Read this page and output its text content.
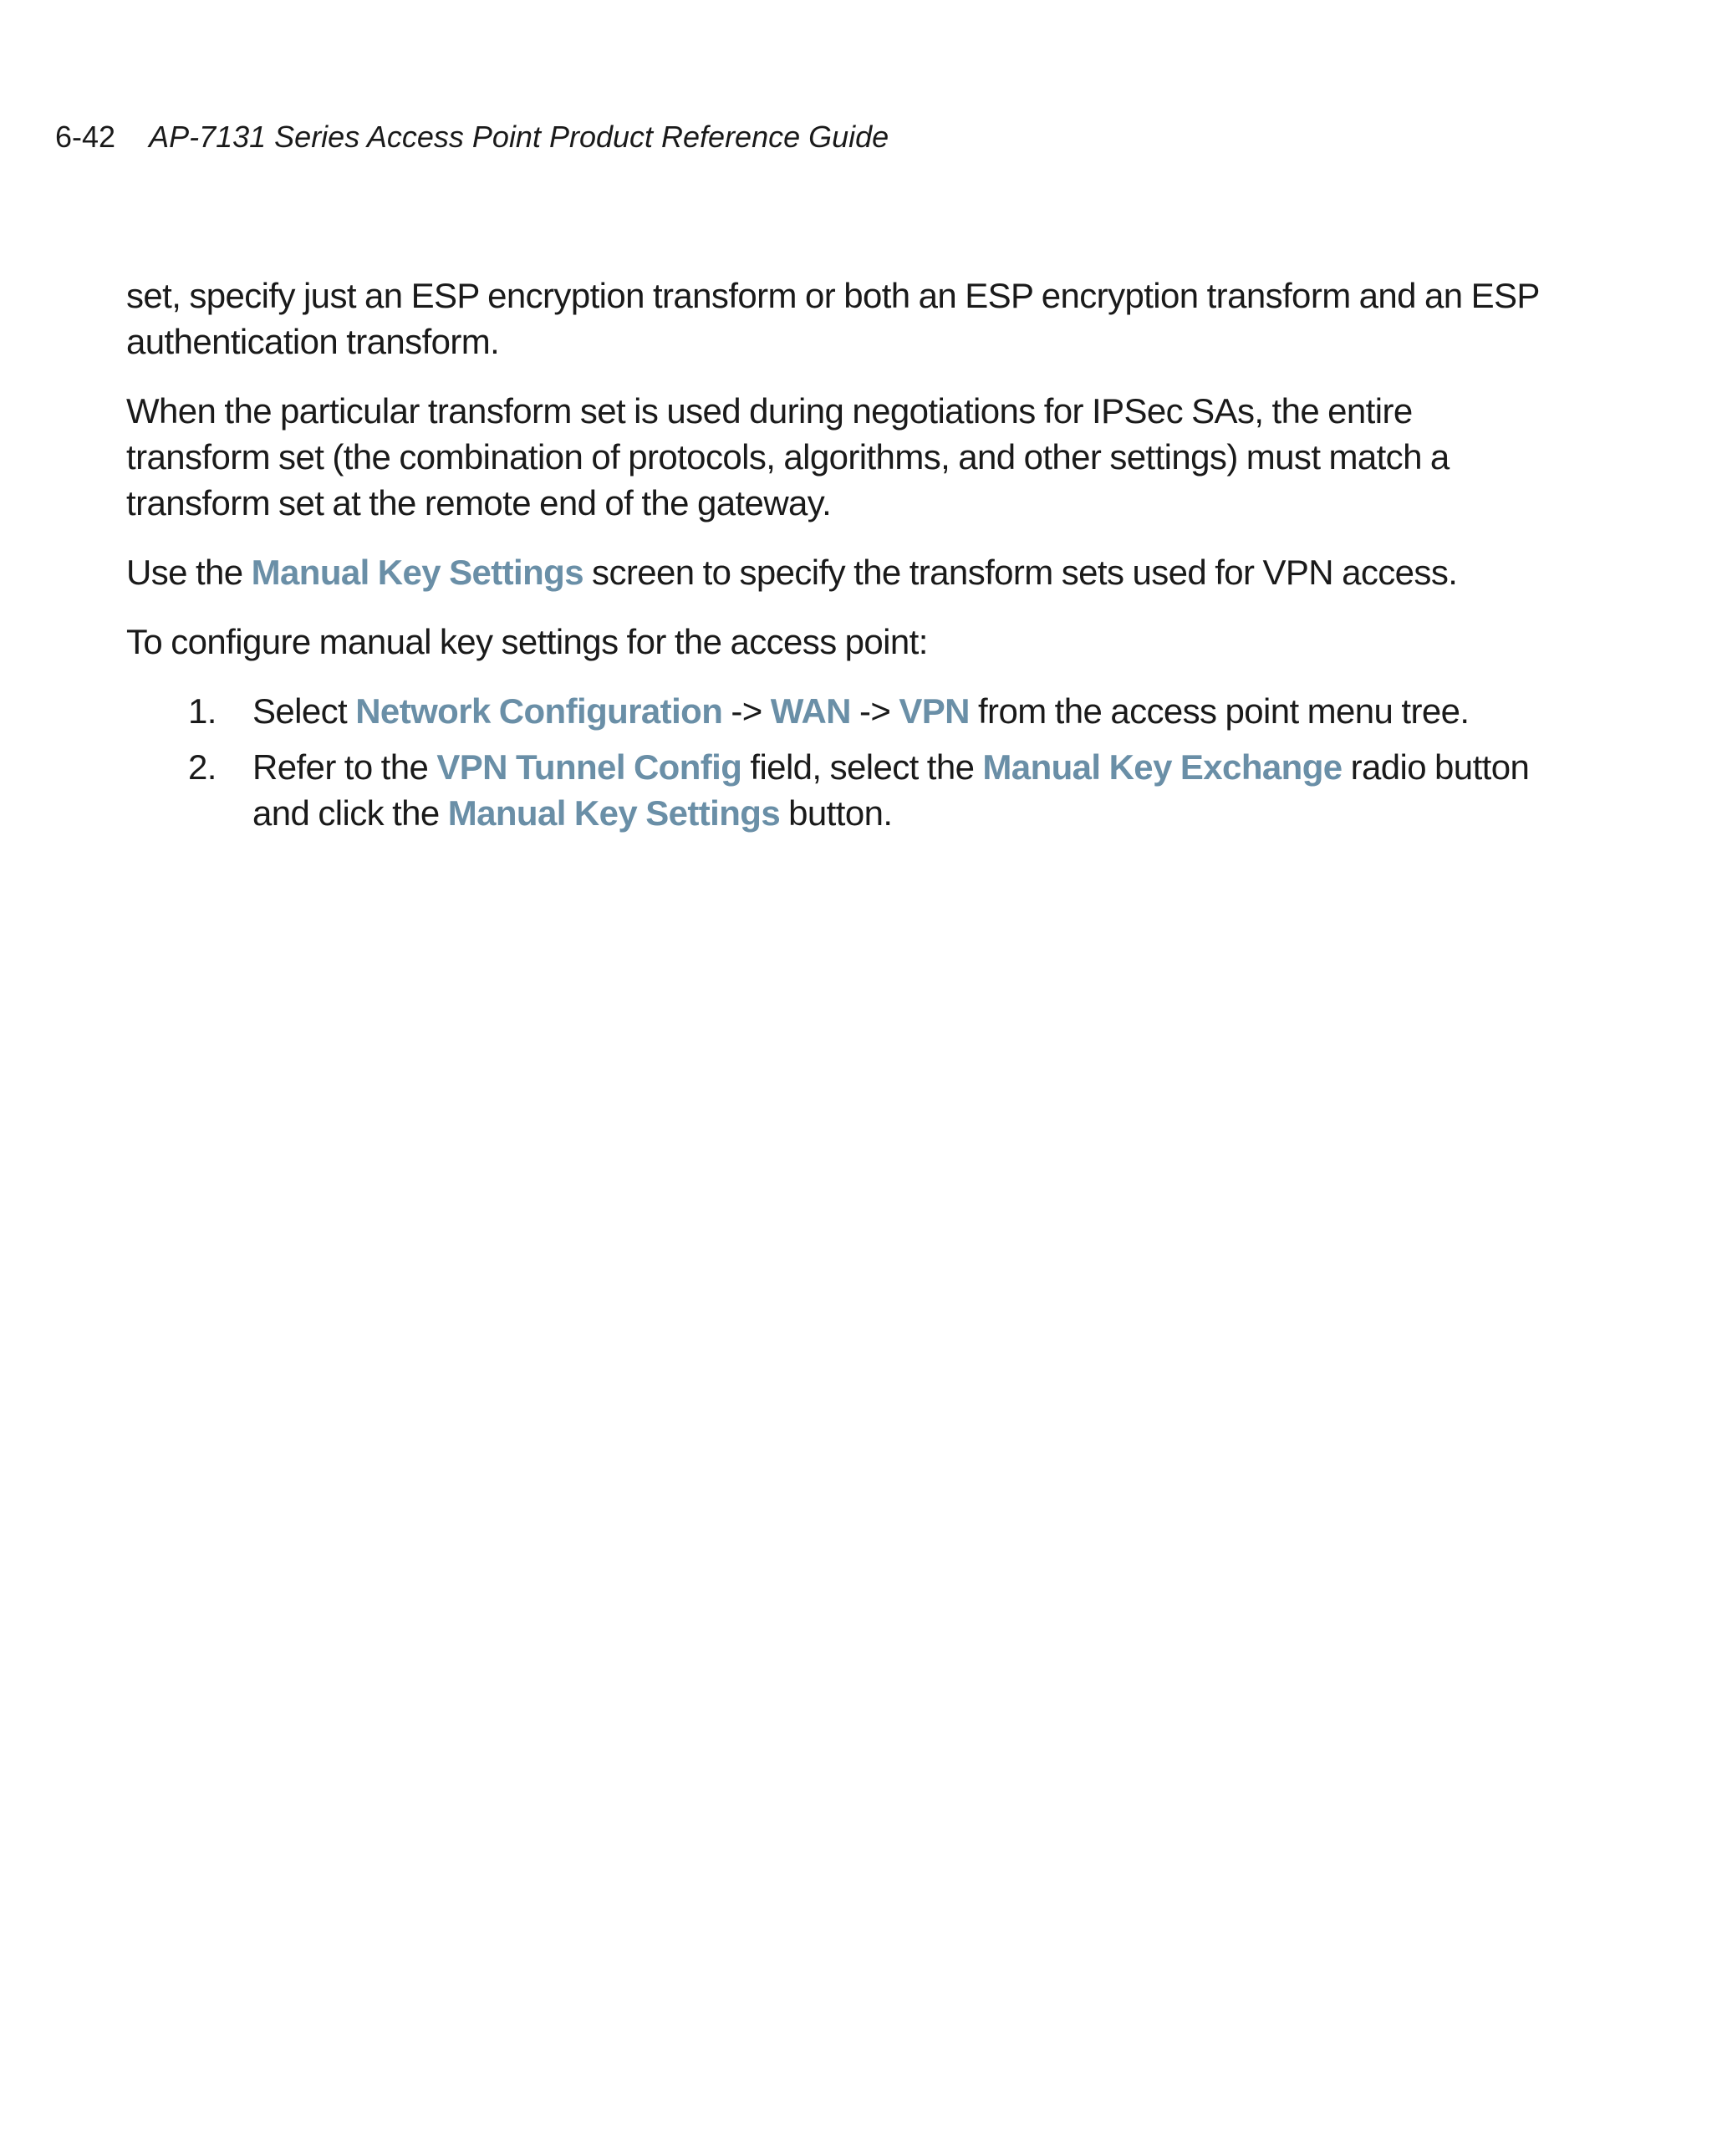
6-42 AP-7131 Series Access Point Product Reference Guide

set, specify just an ESP encryption transform or both an ESP encryption transform and an ESP authentication transform.

When the particular transform set is used during negotiations for IPSec SAs, the entire transform set (the combination of protocols, algorithms, and other settings) must match a transform set at the remote end of the gateway.

Use the Manual Key Settings screen to specify the transform sets used for VPN access.

To configure manual key settings for the access point:

1. Select Network Configuration -> WAN -> VPN from the access point menu tree.
2. Refer to the VPN Tunnel Config field, select the Manual Key Exchange radio button and click the Manual Key Settings button.
